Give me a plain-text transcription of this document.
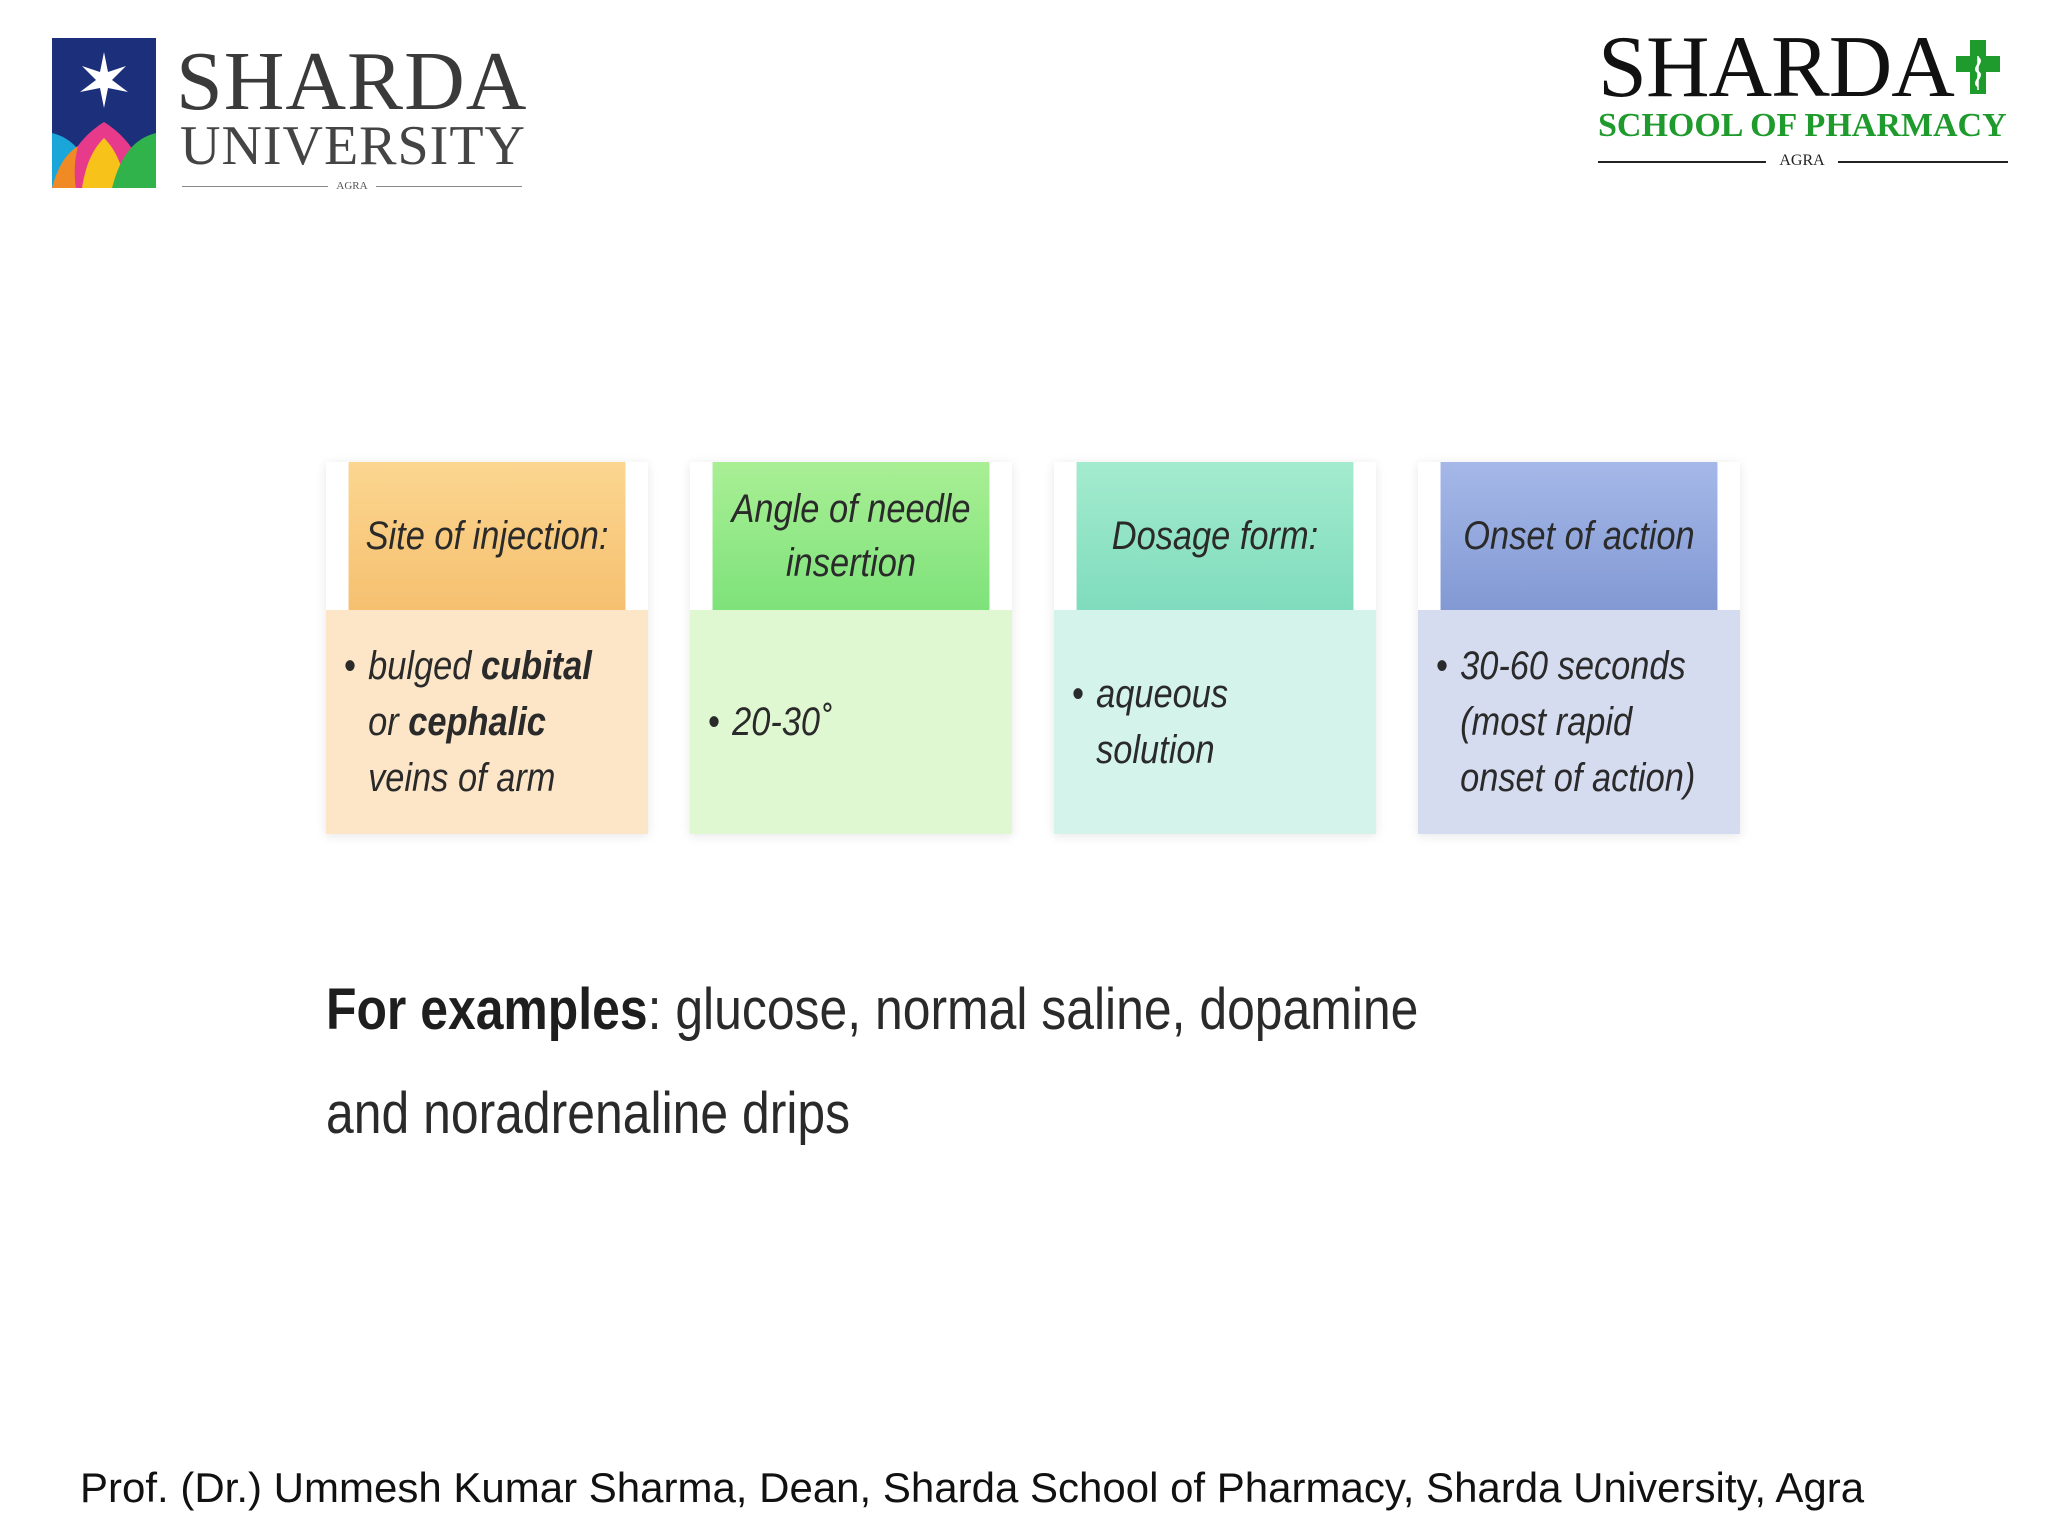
SHARDA
UNIVERSITY
AGRA
SHARDA
SCHOOL OF PHARMACY
AGRA
Site of injection:
• bulged cubital
or cephalic
veins of arm
Angle of needle insertion
• 20-30˚
Dosage form:
• aqueous solution
Onset of action
• 30-60 seconds (most rapid onset of action)
For examples: glucose, normal saline, dopamine and noradrenaline drips
Prof. (Dr.) Ummesh Kumar Sharma, Dean, Sharda School of Pharmacy, Sharda University, Agra
